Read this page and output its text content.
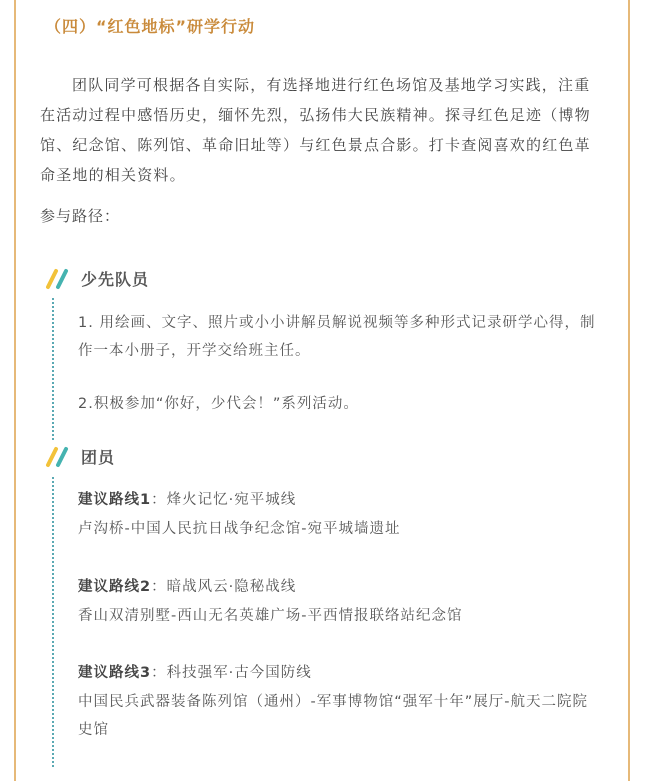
（四）“红色地标”研学行动

团队同学可根据各自实际，有选择地进行红色场馆及基地学习实践，注重在活动过程中感悟历史，缅怀先烈，弘扬伟大民族精神。探寻红色足迹（博物馆、纪念馆、陈列馆、革命旧址等）与红色景点合影。打卡查阅喜欢的红色革命圣地的相关资料。

参与路径：
少先队员

1. 用绘画、文字、照片或小小讲解员解说视频等多种形式记录研学心得，制作一本小册子，开学交给班主任。

2.积极参加“你好，少代会！”系列活动。

团员
建议路线1：烽火记忆·宛平城线
卢沟桥-中国人民抗日战争纪念馆-宛平城墙遗址
建议路线2：暗战风云·隐秘战线
香山双清别墅-西山无名英雄广场-平西情报联络站纪念馆
建议路线3：科技强军·古今国防线

中国民兵武器装备陈列馆（通州）-军事博物馆“强军十年”展厅-航天二院院史馆
